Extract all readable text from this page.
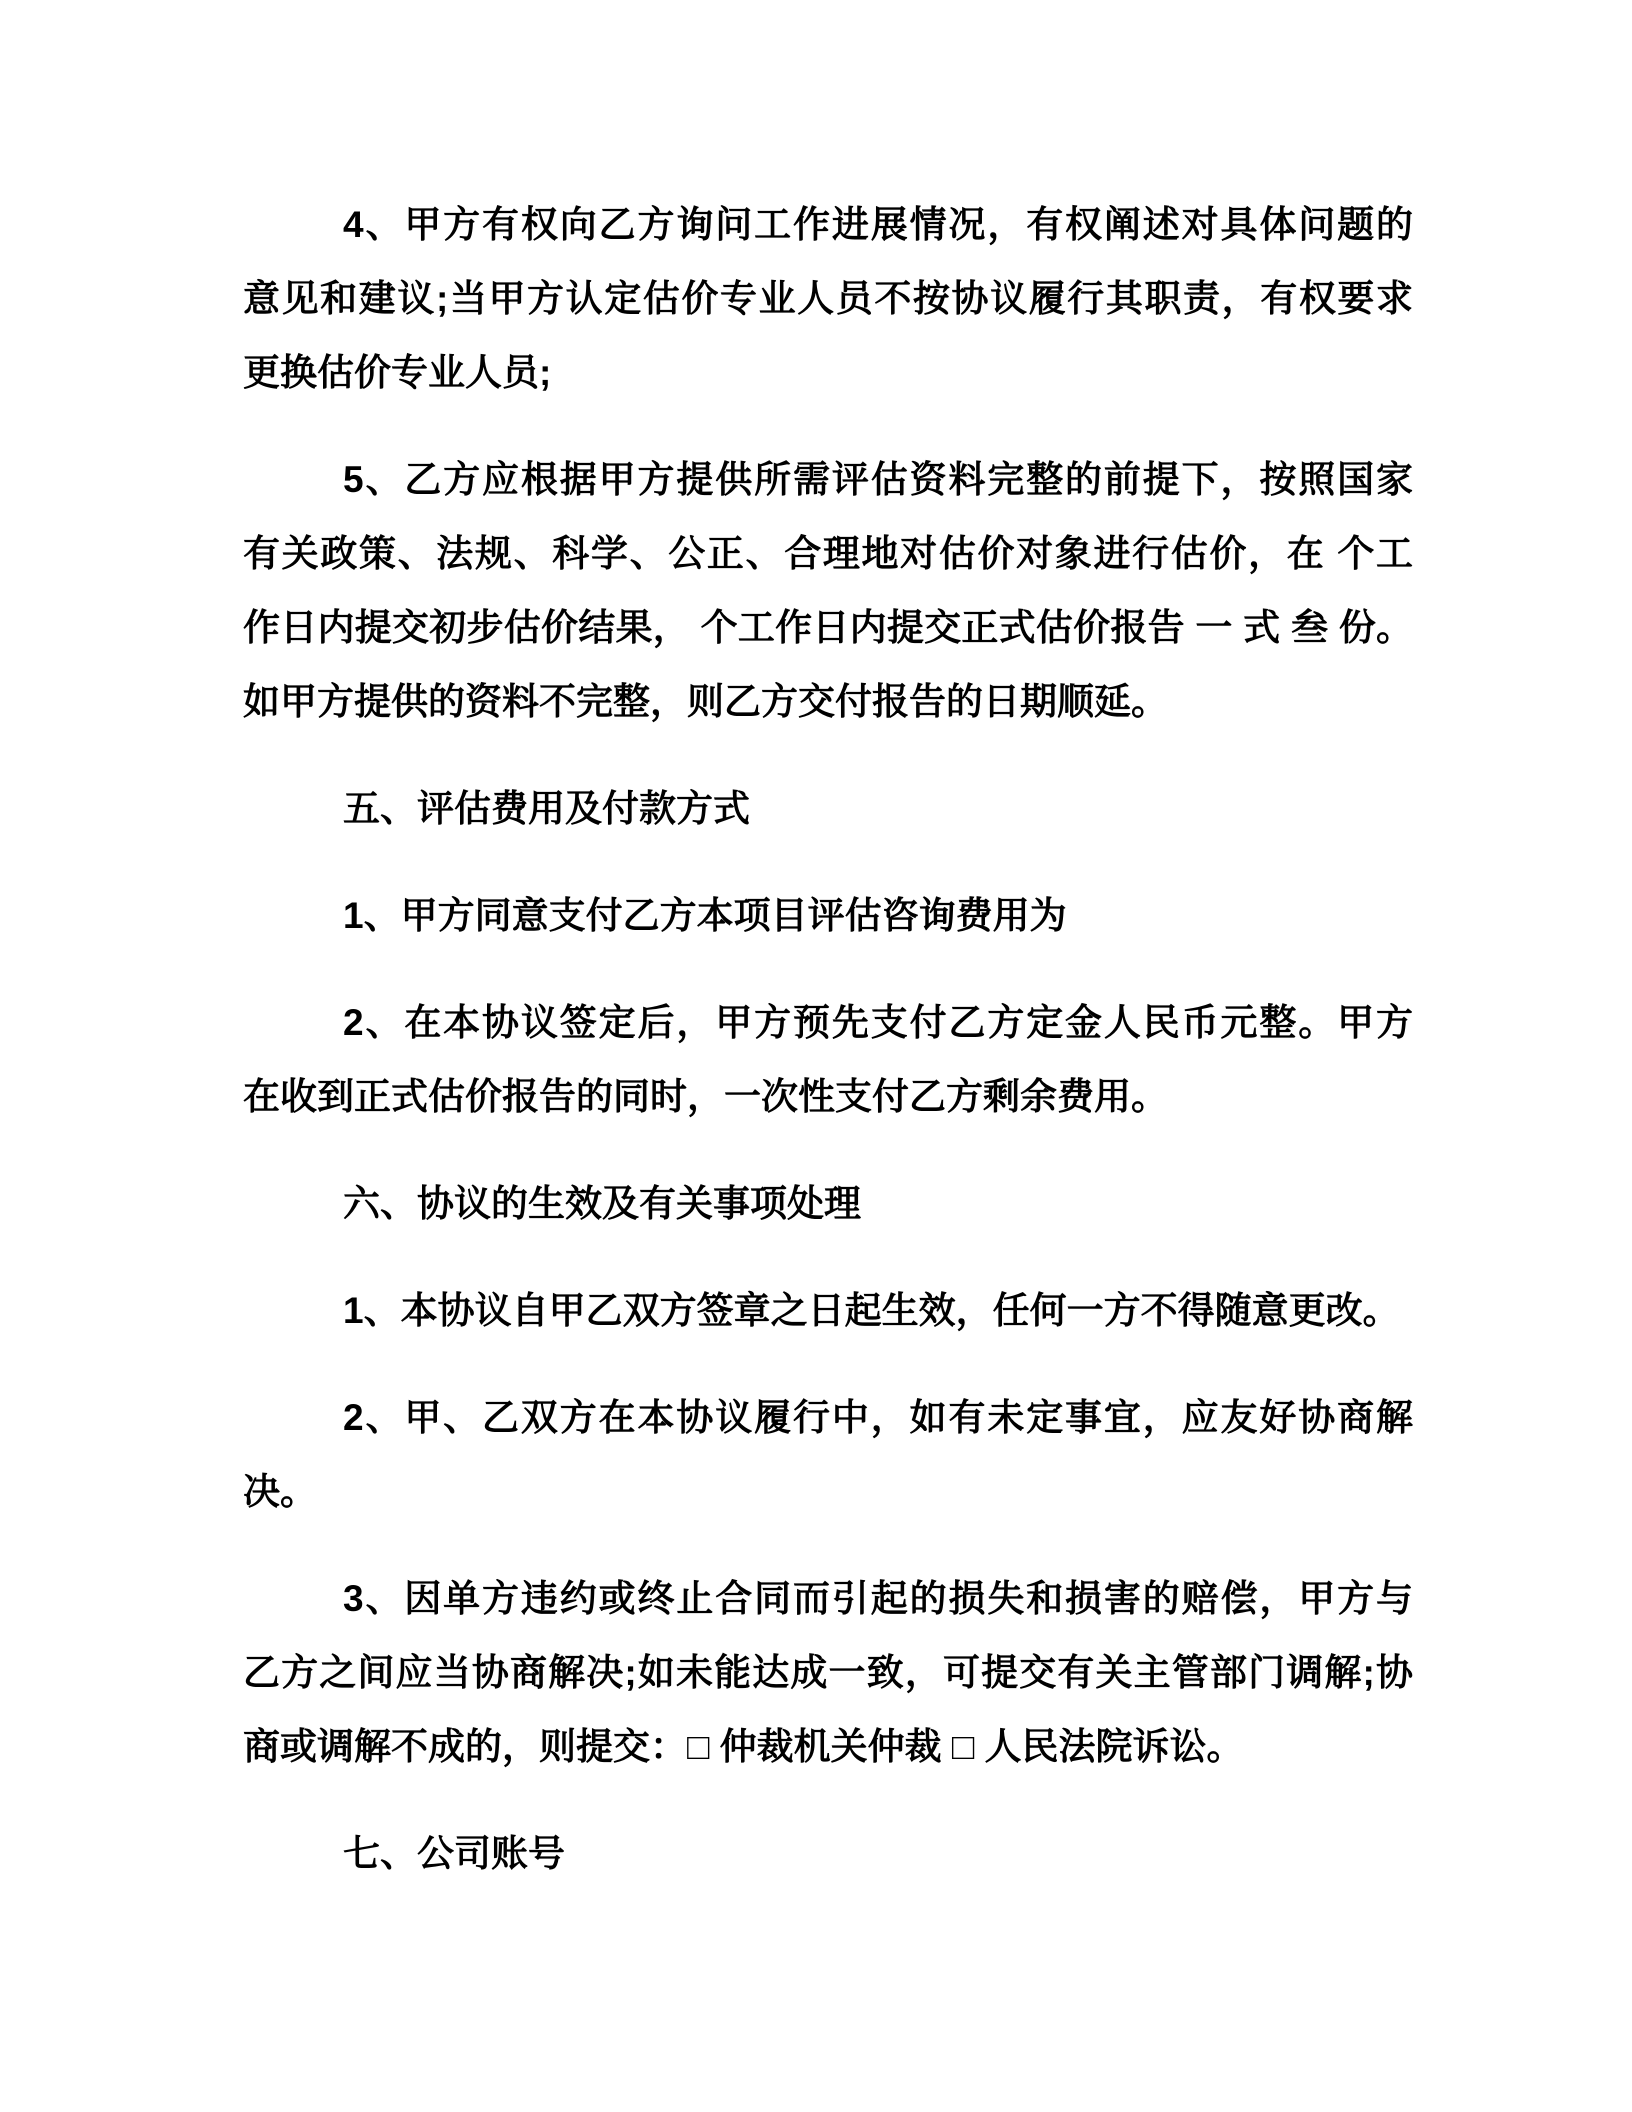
4、甲方有权向乙方询问工作进展情况，有权阐述对具体问题的
意见和建议;当甲方认定估价专业人员不按协议履行其职责，有权要求
更换估价专业人员;
5、乙方应根据甲方提供所需评估资料完整的前提下，按照国家
有关政策、法规、科学、公正、合理地对估价对象进行估价，在 个工
作日内提交初步估价结果， 个工作日内提交正式估价报告 一 式 叁 份。
如甲方提供的资料不完整，则乙方交付报告的日期顺延。
五、评估费用及付款方式
1、甲方同意支付乙方本项目评估咨询费用为
2、在本协议签定后，甲方预先支付乙方定金人民币元整。甲方
在收到正式估价报告的同时，一次性支付乙方剩余费用。
六、协议的生效及有关事项处理
1、本协议自甲乙双方签章之日起生效，任何一方不得随意更改。
2、甲、乙双方在本协议履行中，如有未定事宜，应友好协商解
决。
3、因单方违约或终止合同而引起的损失和损害的赔偿，甲方与
乙方之间应当协商解决;如未能达成一致，可提交有关主管部门调解;协
商或调解不成的，则提交：□ 仲裁机关仲裁 □ 人民法院诉讼。
七、公司账号
